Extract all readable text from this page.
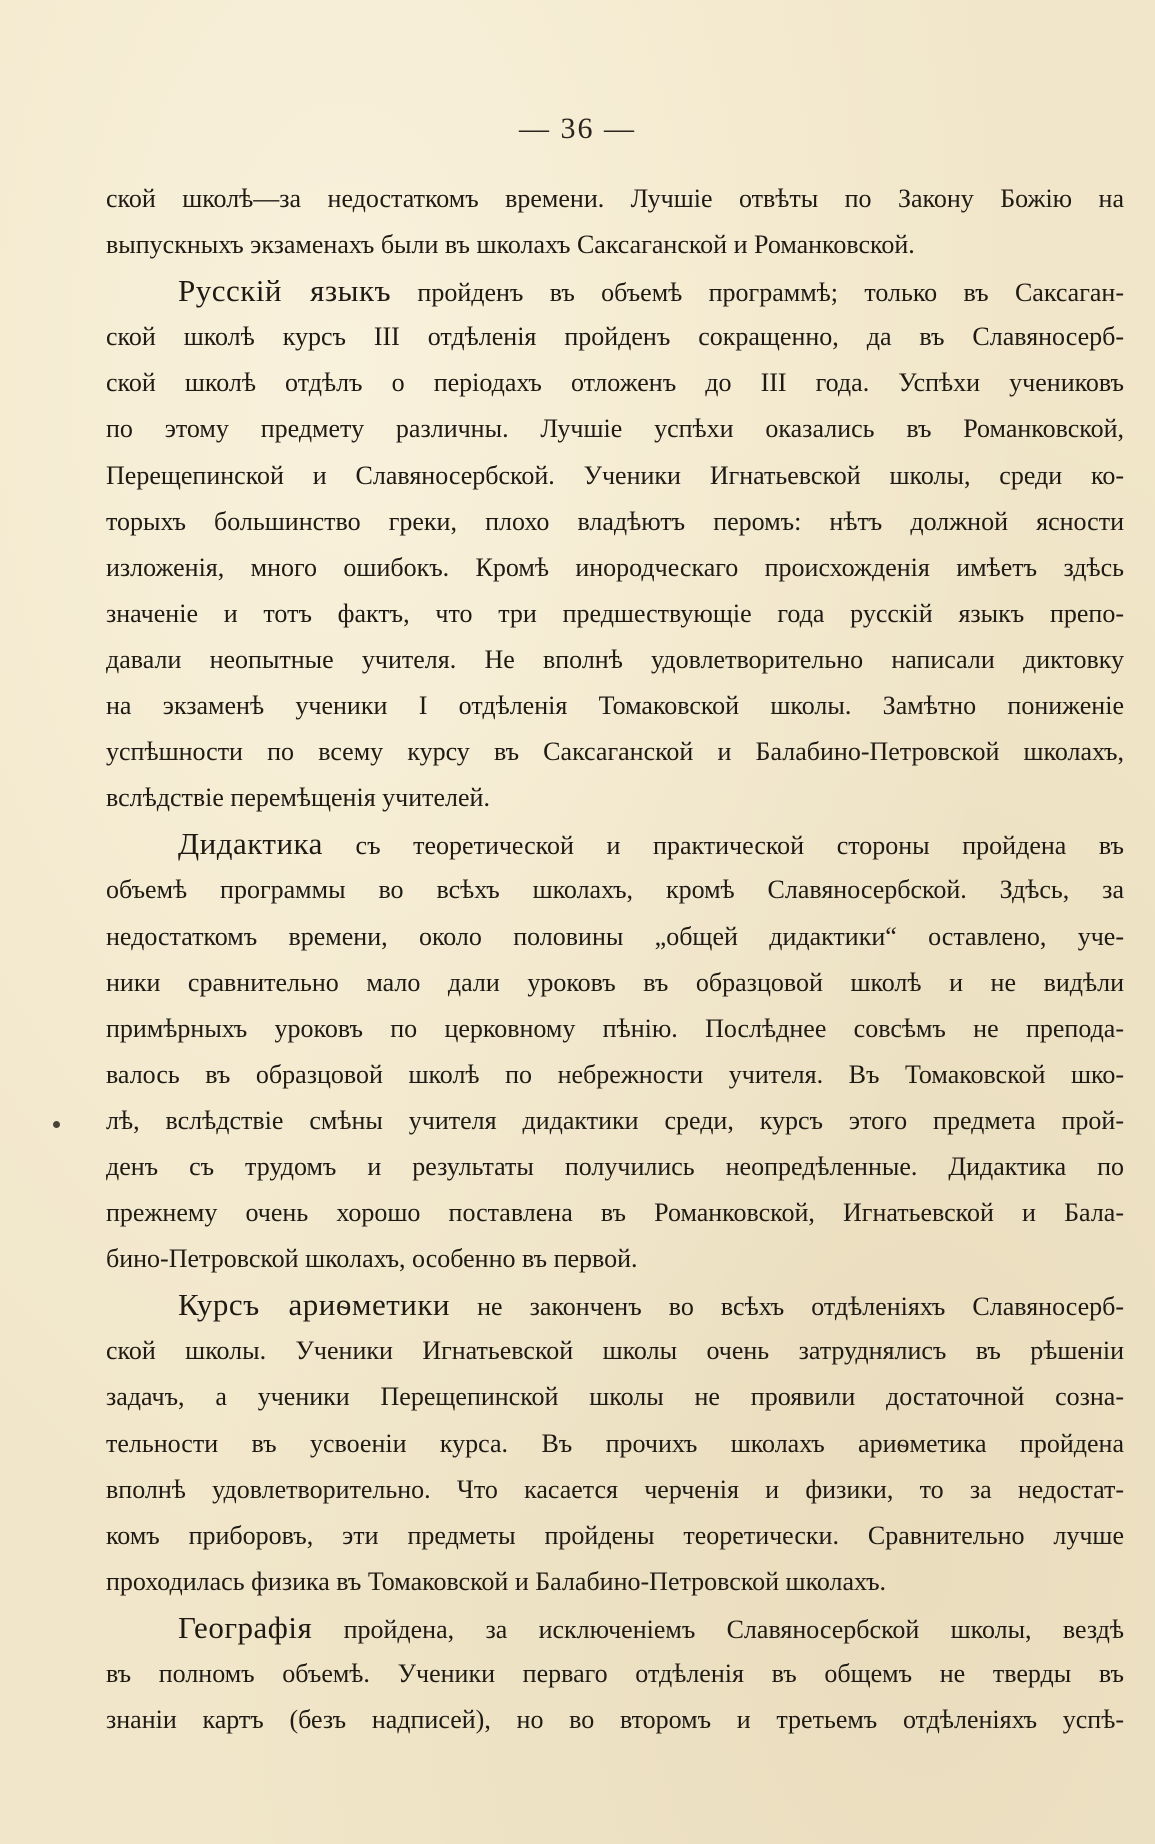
— 36 —
ской школѣ—за недостаткомъ времени. Лучшіе отвѣты по Закону Божію на
выпускныхъ экзаменахъ были въ школахъ Саксаганской и Романковской.
Русскій языкъ пройденъ въ объемѣ программѣ; только въ Саксаган-
ской школѣ курсъ III отдѣленія пройденъ сокращенно, да въ Славяносерб-
ской школѣ отдѣлъ о періодахъ отложенъ до III года. Успѣхи учениковъ
по этому предмету различны. Лучшіе успѣхи оказались въ Романковской,
Перещепинской и Славяносербской. Ученики Игнатьевской школы, среди ко-
торыхъ большинство греки, плохо владѣютъ перомъ: нѣтъ должной ясности
изложенія, много ошибокъ. Кромѣ инородческаго происхожденія имѣетъ здѣсь
значеніе и тотъ фактъ, что три предшествующіе года русскій языкъ препо-
давали неопытные учителя. Не вполнѣ удовлетворительно написали диктовку
на экзаменѣ ученики I отдѣленія Томаковской школы. Замѣтно пониженіе
успѣшности по всему курсу въ Саксаганской и Балабино-Петровской школахъ,
вслѣдствіе перемѣщенія учителей.
Дидактика съ теоретической и практической стороны пройдена въ
объемѣ программы во всѣхъ школахъ, кромѣ Славяносербской. Здѣсь, за
недостаткомъ времени, около половины „общей дидактики“ оставлено, уче-
ники сравнительно мало дали уроковъ въ образцовой школѣ и не видѣли
примѣрныхъ уроковъ по церковному пѣнію. Послѣднее совсѣмъ не препода-
валось въ образцовой школѣ по небрежности учителя. Въ Томаковской шко-
лѣ, вслѣдствіе смѣны учителя дидактики среди, курсъ этого предмета прой-
денъ съ трудомъ и результаты получились неопредѣленные. Дидактика по
прежнему очень хорошо поставлена въ Романковской, Игнатьевской и Бала-
бино-Петровской школахъ, особенно въ первой.
Курсъ ариѳметики не законченъ во всѣхъ отдѣленіяхъ Славяносерб-
ской школы. Ученики Игнатьевской школы очень затруднялисъ въ рѣшеніи
задачъ, а ученики Перещепинской школы не проявили достаточной созна-
тельности въ усвоеніи курса. Въ прочихъ школахъ ариѳметика пройдена
вполнѣ удовлетворительно. Что касается черченія и физики, то за недостат-
комъ приборовъ, эти предметы пройдены теоретически. Сравнительно лучше
проходилась физика въ Томаковской и Балабино-Петровской школахъ.
Географія пройдена, за исключеніемъ Славяносербской школы, вездѣ
въ полномъ объемѣ. Ученики перваго отдѣленія въ общемъ не тверды въ
знаніи картъ (безъ надписей), но во второмъ и третьемъ отдѣленіяхъ успѣ-
